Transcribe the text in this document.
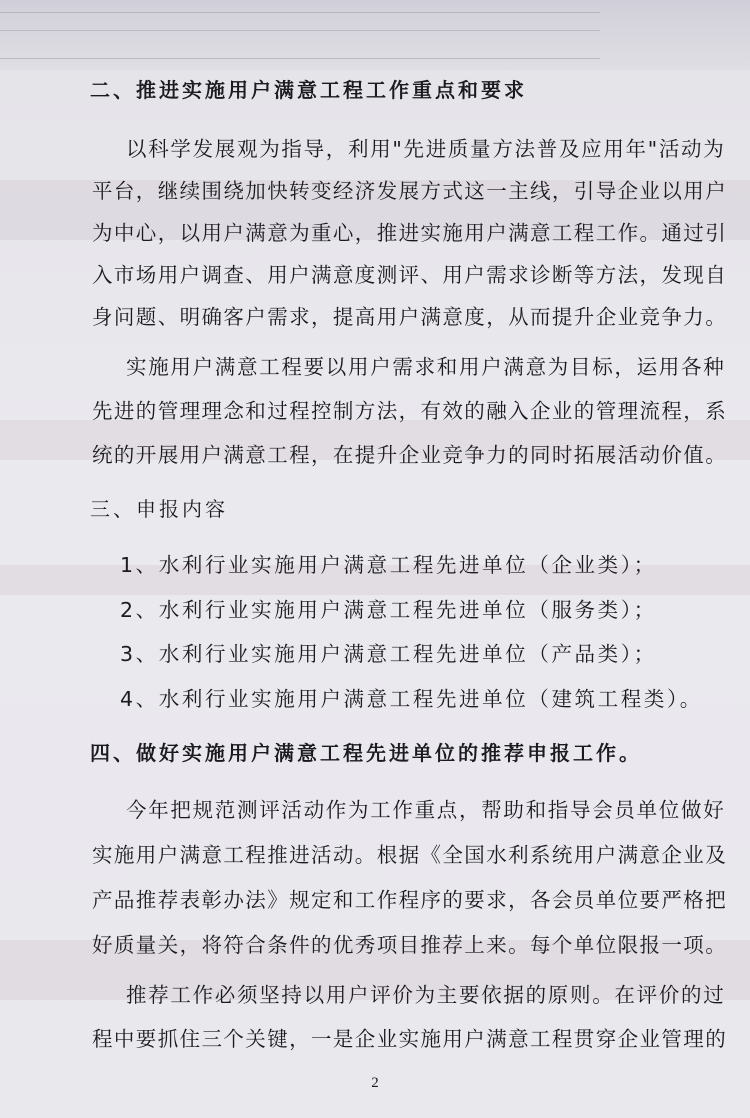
二、推进实施用户满意工程工作重点和要求
以科学发展观为指导，利用"先进质量方法普及应用年"活动为
平台，继续围绕加快转变经济发展方式这一主线，引导企业以用户
为中心，以用户满意为重心，推进实施用户满意工程工作。通过引
入市场用户调查、用户满意度测评、用户需求诊断等方法，发现自
身问题、明确客户需求，提高用户满意度，从而提升企业竞争力。
实施用户满意工程要以用户需求和用户满意为目标，运用各种
先进的管理理念和过程控制方法，有效的融入企业的管理流程，系
统的开展用户满意工程，在提升企业竞争力的同时拓展活动价值。
三、申报内容
1、水利行业实施用户满意工程先进单位（企业类）；
2、水利行业实施用户满意工程先进单位（服务类）；
3、水利行业实施用户满意工程先进单位（产品类）；
4、水利行业实施用户满意工程先进单位（建筑工程类）。
四、做好实施用户满意工程先进单位的推荐申报工作。
今年把规范测评活动作为工作重点，帮助和指导会员单位做好
实施用户满意工程推进活动。根据《全国水利系统用户满意企业及
产品推荐表彰办法》规定和工作程序的要求，各会员单位要严格把
好质量关，将符合条件的优秀项目推荐上来。每个单位限报一项。
推荐工作必须坚持以用户评价为主要依据的原则。在评价的过
程中要抓住三个关键，一是企业实施用户满意工程贯穿企业管理的
2
